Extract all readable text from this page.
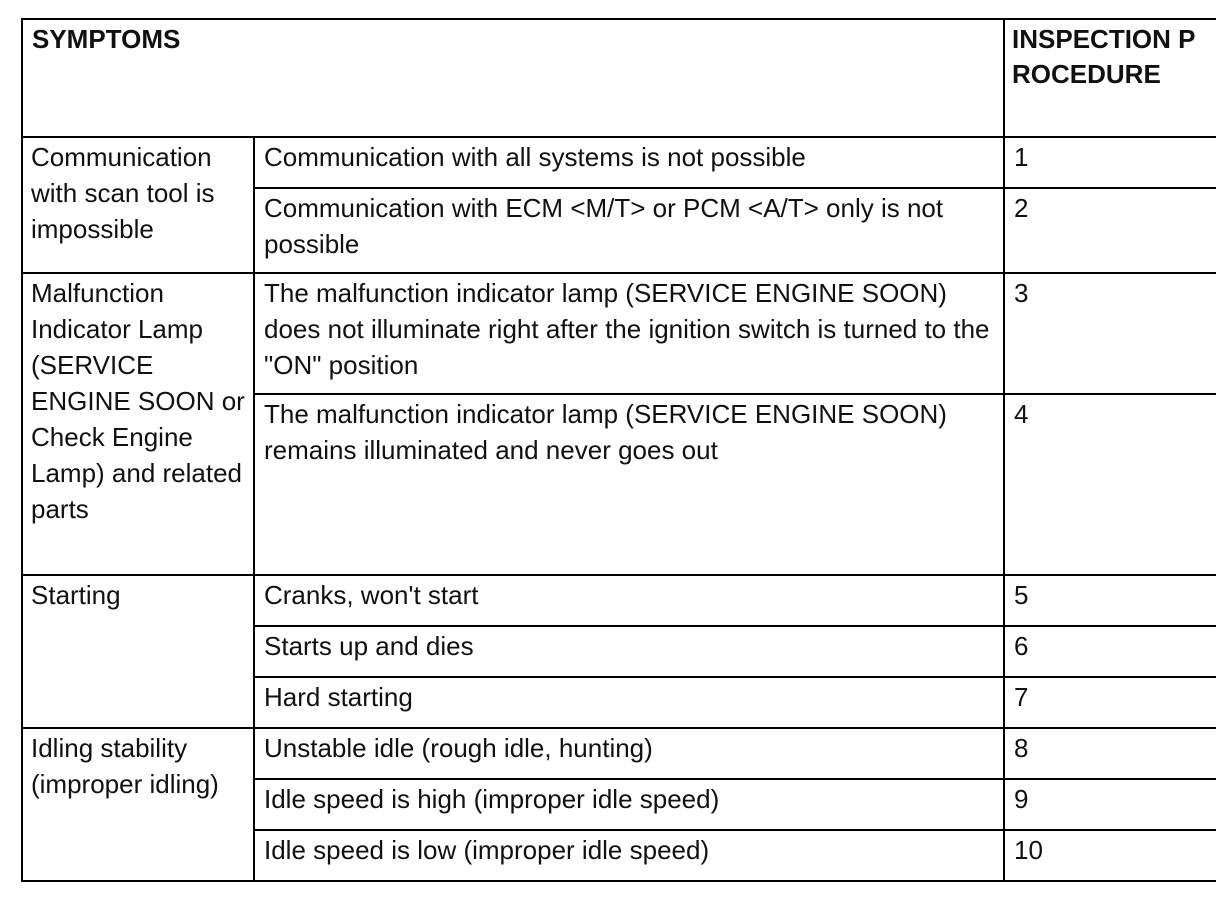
SYMPTOMS		INSPECTION PROCEDURE
Communication with scan tool is impossible	Communication with all systems is not possible	1
	Communication with ECM <M/T> or PCM <A/T> only is not possible	2
Malfunction Indicator Lamp (SERVICE ENGINE SOON or Check Engine Lamp) and related parts	The malfunction indicator lamp (SERVICE ENGINE SOON) does not illuminate right after the ignition switch is turned to the "ON" position	3
	The malfunction indicator lamp (SERVICE ENGINE SOON) remains illuminated and never goes out	4
Starting	Cranks, won't start	5
	Starts up and dies	6
	Hard starting	7
Idling stability (improper idling)	Unstable idle (rough idle, hunting)	8
	Idle speed is high (improper idle speed)	9
	Idle speed is low (improper idle speed)	10
